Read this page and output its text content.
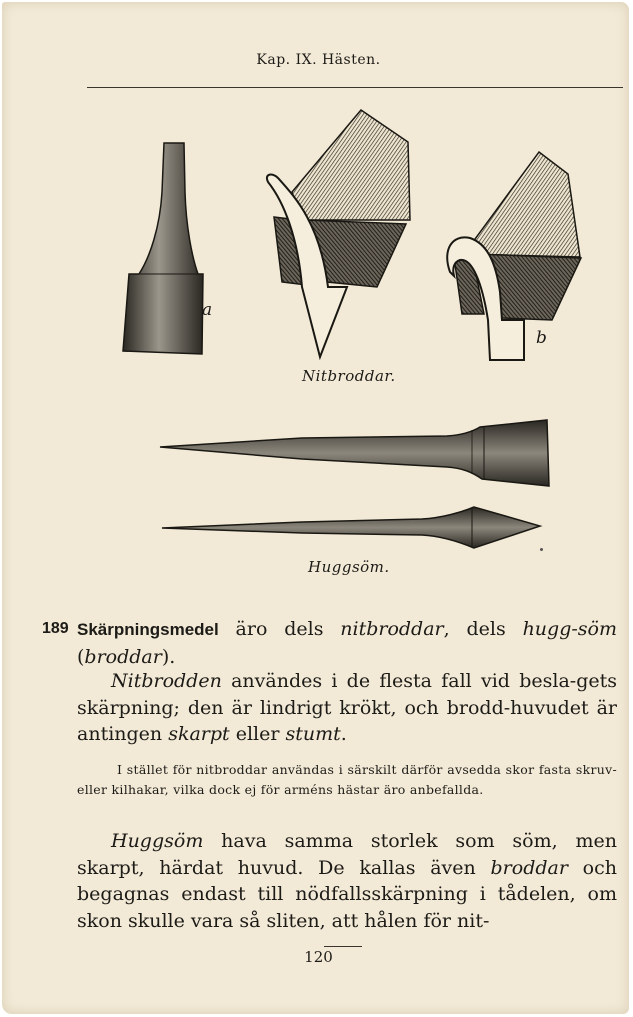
Kap. IX. Hästen.
a
b
Nitbroddar.
Huggsöm.
189 Skärpningsmedel äro dels nitbroddar, dels hugg-söm (broddar).
Nitbrodden användes i de flesta fall vid besla-gets skärpning; den är lindrigt krökt, och brodd-huvudet är antingen skarpt eller stumt.
I stället för nitbroddar användas i särskilt därför avsedda skor fasta skruv- eller kilhakar, vilka dock ej för arméns hästar äro anbefallda.
Huggsöm hava samma storlek som söm, men skarpt, härdat huvud. De kallas även broddar och begagnas endast till nödfallsskärpning i tådelen, om skon skulle vara så sliten, att hålen för nit-
120
